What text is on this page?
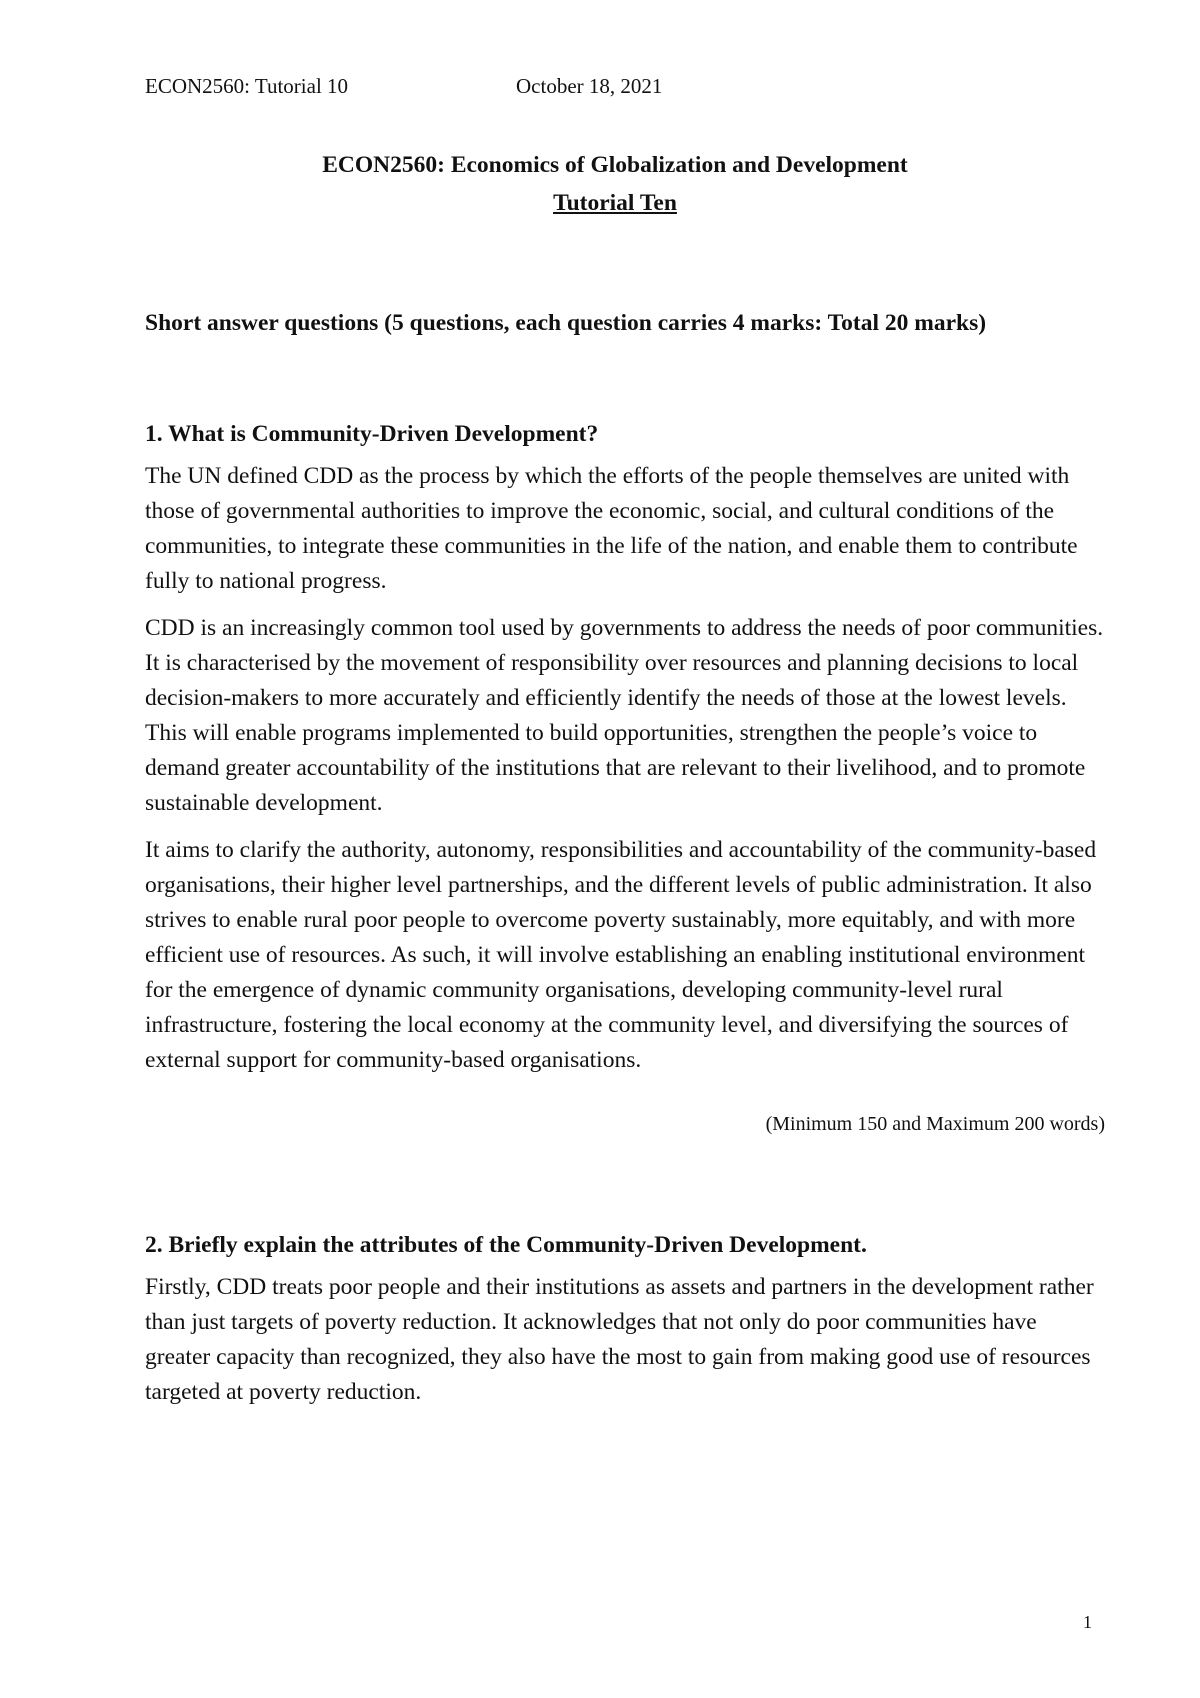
ECON2560: Tutorial 10	October 18, 2021
ECON2560: Economics of Globalization and Development
Tutorial Ten

Short answer questions (5 questions, each question carries 4 marks: Total 20 marks)

1. What is Community-Driven Development?

The UN defined CDD as the process by which the efforts of the people themselves are united with those of governmental authorities to improve the economic, social, and cultural conditions of the communities, to integrate these communities in the life of the nation, and enable them to contribute fully to national progress.

CDD is an increasingly common tool used by governments to address the needs of poor communities. It is characterised by the movement of responsibility over resources and planning decisions to local decision-makers to more accurately and efficiently identify the needs of those at the lowest levels. This will enable programs implemented to build opportunities, strengthen the people’s voice to demand greater accountability of the institutions that are relevant to their livelihood, and to promote sustainable development.

It aims to clarify the authority, autonomy, responsibilities and accountability of the community-based organisations, their higher level partnerships, and the different levels of public administration. It also strives to enable rural poor people to overcome poverty sustainably, more equitably, and with more efficient use of resources. As such, it will involve establishing an enabling institutional environment for the emergence of dynamic community organisations, developing community-level rural infrastructure, fostering the local economy at the community level, and diversifying the sources of external support for community-based organisations.

(Minimum 150 and Maximum 200 words)

2. Briefly explain the attributes of the Community-Driven Development.

Firstly, CDD treats poor people and their institutions as assets and partners in the development rather than just targets of poverty reduction. It acknowledges that not only do poor communities have greater capacity than recognized, they also have the most to gain from making good use of resources targeted at poverty reduction.

1
